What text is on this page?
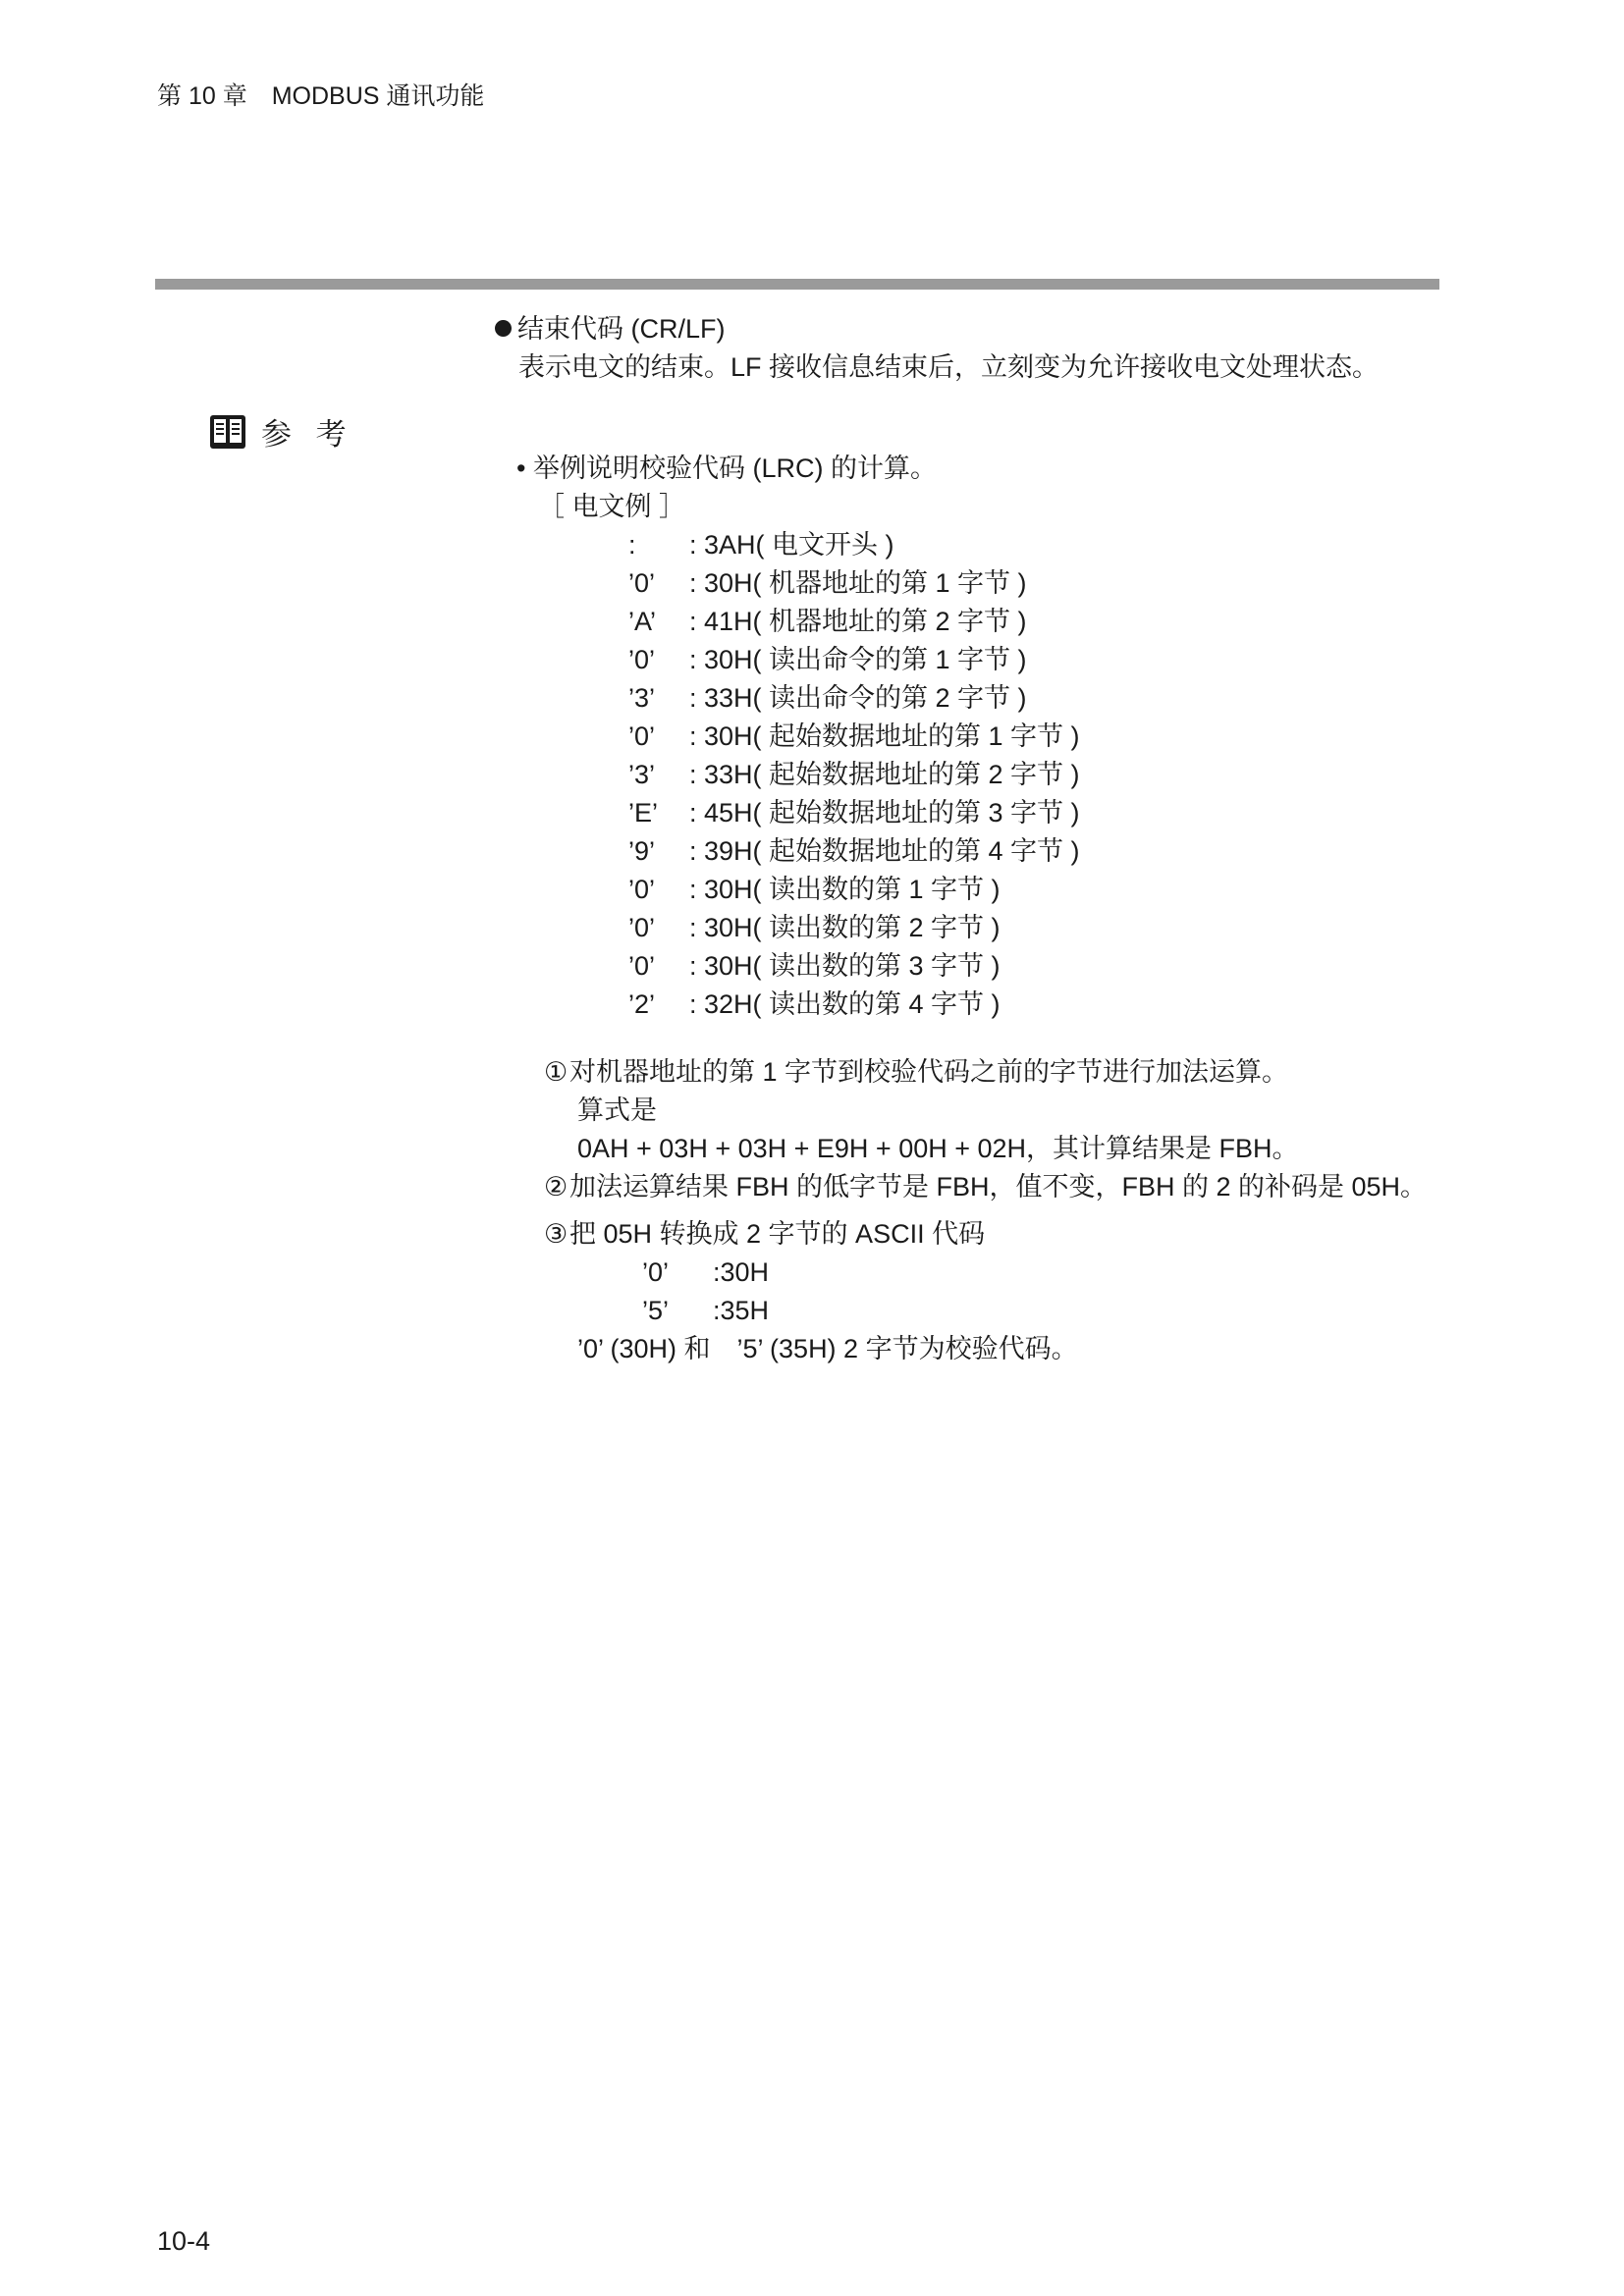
第 10 章　MODBUS 通讯功能
结束代码 (CR/LF)
表示电文的结束。LF 接收信息结束后，立刻变为允许接收电文处理状态。
参 考
• 举例说明校验代码 (LRC) 的计算。
［ 电文例 ］
:	: 3AH( 电文开头 )
’0’	: 30H( 机器地址的第 1 字节 )
’A’	: 41H( 机器地址的第 2 字节 )
’0’	: 30H( 读出命令的第 1 字节 )
’3’	: 33H( 读出命令的第 2 字节 )
’0’	: 30H( 起始数据地址的第 1 字节 )
’3’	: 33H( 起始数据地址的第 2 字节 )
’E’	: 45H( 起始数据地址的第 3 字节 )
’9’	: 39H( 起始数据地址的第 4 字节 )
’0’	: 30H( 读出数的第 1 字节 )
’0’	: 30H( 读出数的第 2 字节 )
’0’	: 30H( 读出数的第 3 字节 )
’2’	: 32H( 读出数的第 4 字节 )
①对机器地址的第 1 字节到校验代码之前的字节进行加法运算。
算式是
0AH + 03H + 03H + E9H + 00H + 02H，其计算结果是 FBH。
②加法运算结果 FBH 的低字节是 FBH，值不变，FBH 的 2 的补码是 05H。
③把 05H 转换成 2 字节的 ASCII 代码
’0’	:30H
’5’	:35H
’0’ (30H) 和　’5’ (35H) 2 字节为校验代码。
10-4
